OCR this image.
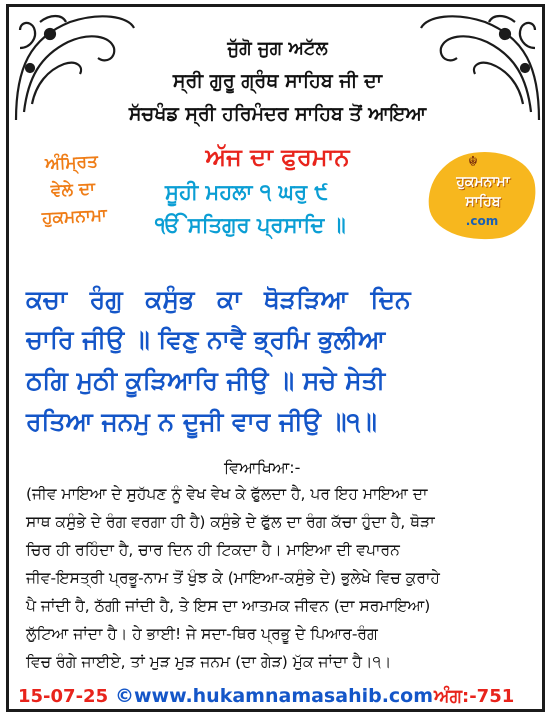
ਜੁੱਗੋ ਜੁਗ ਅਟੱਲ
ਸ੍ਰੀ ਗੁਰੂ ਗ੍ਰੰਥ ਸਾਹਿਬ ਜੀ ਦਾ
ਸੱਚਖੰਡ ਸ੍ਰੀ ਹਰਿਮੰਦਰ ਸਾਹਿਬ ਤੋਂ ਆਇਆ
ਅੱਜ ਦਾ ਫੁਰਮਾਨ
ਅੰਮ੍ਰਿਤ
ਵੇਲੇ ਦਾ
ਹੁਕਮਨਾਮਾ
ਸੂਹੀ ਮਹਲਾ ੧ ਘਰੁ ੯
ੴ ਸਤਿਗੁਰ ਪ੍ਰਸਾਦਿ ॥
☬
ਹੁਕਮਨਾਮਾ
ਸਾਹਿਬ
.com
ਕਚਾ ਰੰਗੁ ਕਸੁੰਭ ਕਾ ਥੋੜੜਿਆ ਦਿਨ
ਚਾਰਿ ਜੀਉ ॥ ਵਿਣੁ ਨਾਵੈ ਭ੍ਰਮਿ ਭੁਲੀਆ
ਠਗਿ ਮੁਠੀ ਕੂੜਿਆਰਿ ਜੀਉ ॥ ਸਚੇ ਸੇਤੀ
ਰਤਿਆ ਜਨਮੁ ਨ ਦੂਜੀ ਵਾਰ ਜੀਉ ॥੧॥
ਵਿਆਖਿਆ:-
(ਜੀਵ ਮਾਇਆ ਦੇ ਸੁਹੱਪਣ ਨੂੰ ਵੇਖ ਵੇਖ ਕੇ ਫੁੱਲਦਾ ਹੈ, ਪਰ ਇਹ ਮਾਇਆ ਦਾ
ਸਾਥ ਕਸੁੰਭੇ ਦੇ ਰੰਗ ਵਰਗਾ ਹੀ ਹੈ) ਕਸੁੰਭੇ ਦੇ ਫੁੱਲ ਦਾ ਰੰਗ ਕੱਚਾ ਹੁੰਦਾ ਹੈ, ਥੋੜਾ
ਚਿਰ ਹੀ ਰਹਿੰਦਾ ਹੈ, ਚਾਰ ਦਿਨ ਹੀ ਟਿਕਦਾ ਹੈ। ਮਾਇਆ ਦੀ ਵਪਾਰਨ
ਜੀਵ-ਇਸਤ੍ਰੀ ਪ੍ਰਭੂ-ਨਾਮ ਤੋਂ ਖੁੰਝ ਕੇ (ਮਾਇਆ-ਕਸੁੰਭੇ ਦੇ) ਭੁਲੇਖੇ ਵਿਚ ਕੁਰਾਹੇ
ਪੈ ਜਾਂਦੀ ਹੈ, ਠੱਗੀ ਜਾਂਦੀ ਹੈ, ਤੇ ਇਸ ਦਾ ਆਤਮਕ ਜੀਵਨ (ਦਾ ਸਰਮਾਇਆ)
ਲੁੱਟਿਆ ਜਾਂਦਾ ਹੈ। ਹੇ ਭਾਈ! ਜੇ ਸਦਾ-ਥਿਰ ਪ੍ਰਭੂ ਦੇ ਪਿਆਰ-ਰੰਗ
ਵਿਚ ਰੰਗੇ ਜਾਈਏ, ਤਾਂ ਮੁੜ ਮੁੜ ਜਨਮ (ਦਾ ਗੇੜ) ਮੁੱਕ ਜਾਂਦਾ ਹੈ।੧।
15-07-25 ©www.hukamnamasahib.com ਅੰਗ:-751
